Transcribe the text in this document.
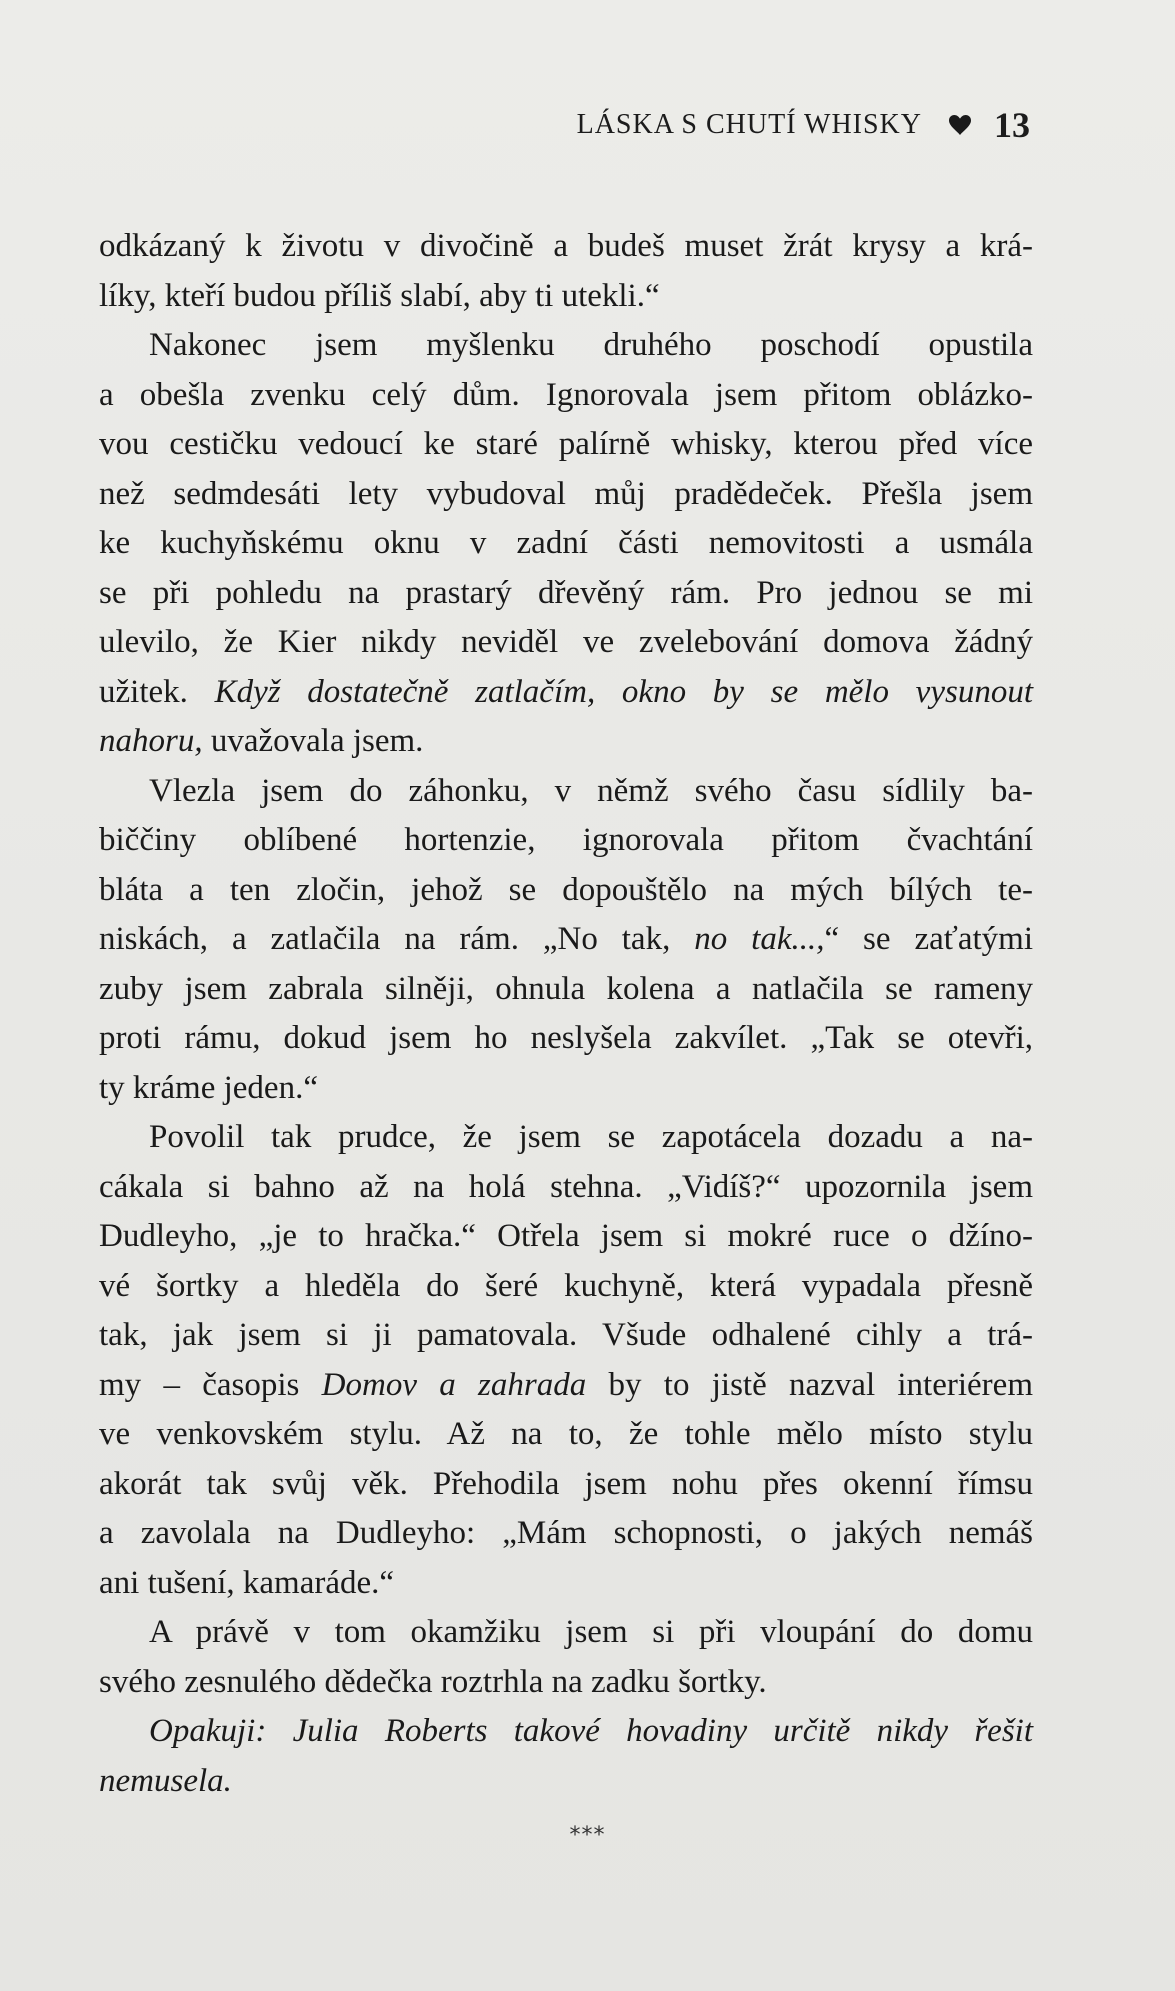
LÁSKA S CHUTÍ WHISKY 13
odkázaný k životu v divočině a budeš muset žrát krysy a krá-
líky, kteří budou příliš slabí, aby ti utekli.“
Nakonec jsem myšlenku druhého poschodí opustila
a obešla zvenku celý dům. Ignorovala jsem přitom oblázko-
vou cestičku vedoucí ke staré palírně whisky, kterou před více
než sedmdesáti lety vybudoval můj pradědeček. Přešla jsem
ke kuchyňskému oknu v zadní části nemovitosti a usmála
se při pohledu na prastarý dřevěný rám. Pro jednou se mi
ulevilo, že Kier nikdy neviděl ve zvelebování domova žádný
užitek. Když dostatečně zatlačím, okno by se mělo vysunout
nahoru, uvažovala jsem.
Vlezla jsem do záhonku, v němž svého času sídlily ba-
biččiny oblíbené hortenzie, ignorovala přitom čvachtání
bláta a ten zločin, jehož se dopouštělo na mých bílých te-
niskách, a zatlačila na rám. „No tak, no tak...,“ se zaťatými
zuby jsem zabrala silněji, ohnula kolena a natlačila se rameny
proti rámu, dokud jsem ho neslyšela zakvílet. „Tak se otevři,
ty kráme jeden.“
Povolil tak prudce, že jsem se zapotácela dozadu a na-
cákala si bahno až na holá stehna. „Vidíš?“ upozornila jsem
Dudleyho, „je to hračka.“ Otřela jsem si mokré ruce o džíno-
vé šortky a hleděla do šeré kuchyně, která vypadala přesně
tak, jak jsem si ji pamatovala. Všude odhalené cihly a trá-
my – časopis Domov a zahrada by to jistě nazval interiérem
ve venkovském stylu. Až na to, že tohle mělo místo stylu
akorát tak svůj věk. Přehodila jsem nohu přes okenní římsu
a zavolala na Dudleyho: „Mám schopnosti, o jakých nemáš
ani tušení, kamaráde.“
A právě v tom okamžiku jsem si při vloupání do domu
svého zesnulého dědečka roztrhla na zadku šortky.
Opakuji: Julia Roberts takové hovadiny určitě nikdy řešit
nemusela.
***
